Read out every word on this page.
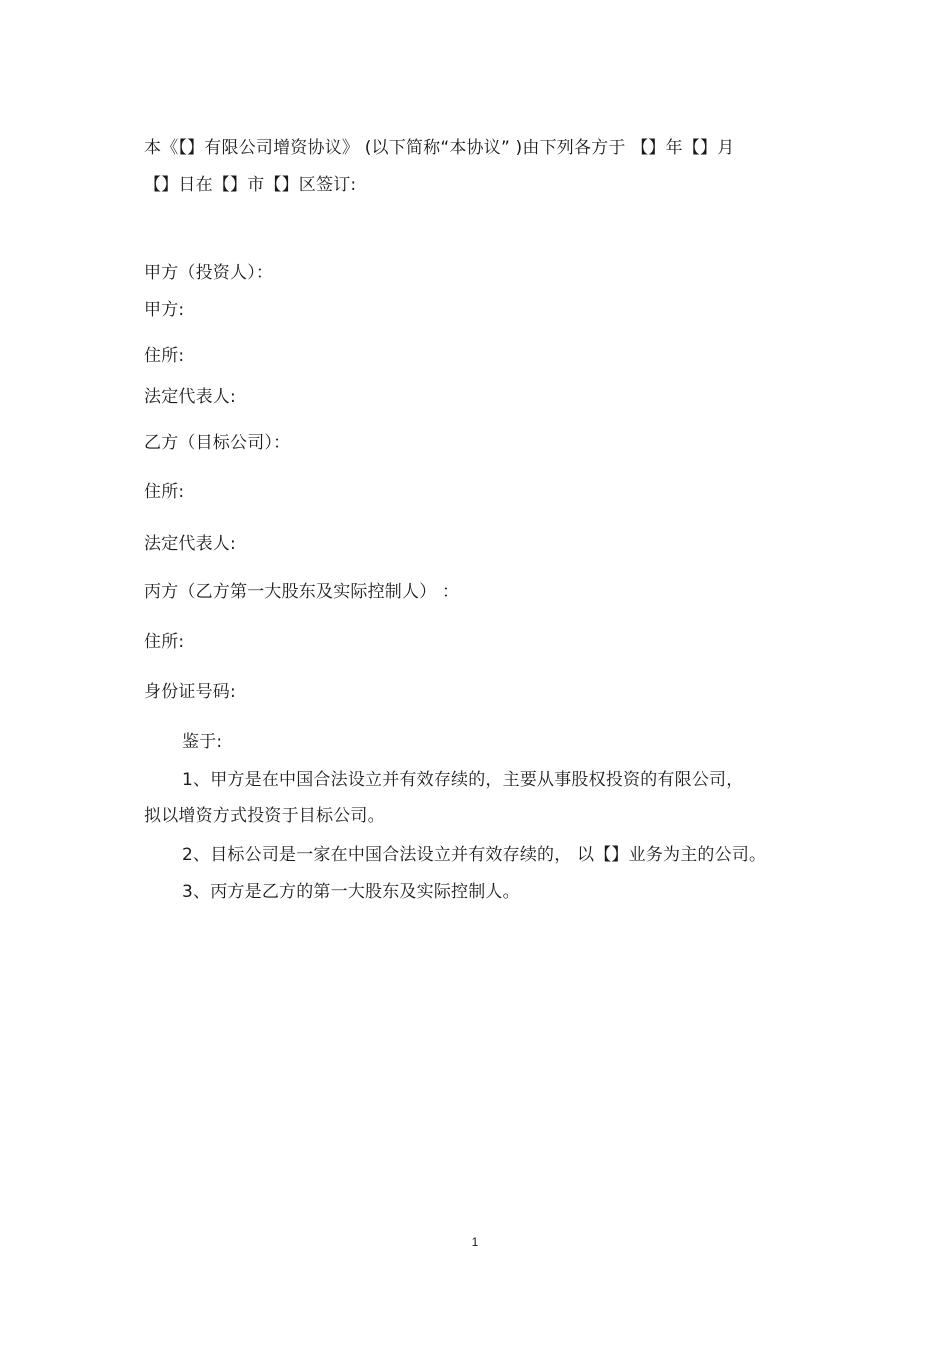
本《【】有限公司增资协议》 (以下简称“本协议” )由下列各方于 【】年【】月
【】日在【】市【】区签订:
甲方（投资人）：
甲方:
住所:
法定代表人:
乙方（目标公司）：
住所:
法定代表人:
丙方（乙方第一大股东及实际控制人） ：
住所:
身份证号码:
鉴于:
1、甲方是在中国合法设立并有效存续的，主要从事股权投资的有限公司，
拟以增资方式投资于目标公司。
2、目标公司是一家在中国合法设立并有效存续的， 以【】业务为主的公司。
3、丙方是乙方的第一大股东及实际控制人。
1
